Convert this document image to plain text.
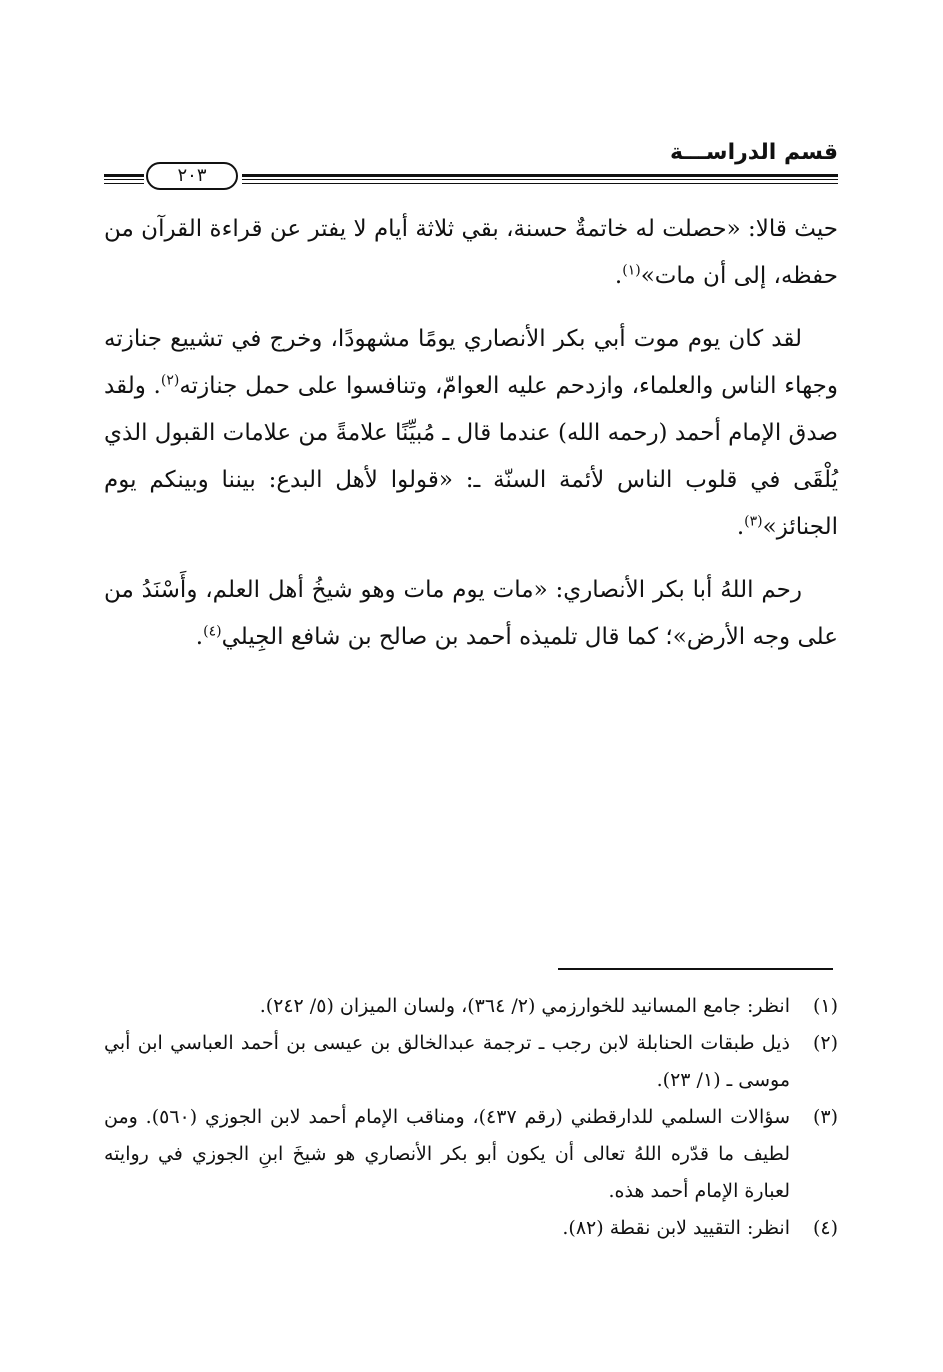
قسم الدراســـة
٢٠٣

حيث قالا: «حصلت له خاتمةٌ حسنة، بقي ثلاثة أيام لا يفتر عن قراءة القرآن من حفظه، إلى أن مات»$^{(١)}$.

لقد كان يوم موت أبي بكر الأنصاري يومًا مشهودًا، وخرج في تشييع جنازته وجهاء الناس والعلماء، وازدحم عليه العوامّ، وتنافسوا على حمل جنازته$^{(٢)}$. ولقد صدق الإمام أحمد (رحمه الله) عندما قال ـ مُبيِّنًا علامةً من علامات القبول الذي يُلْقَى في قلوب الناس لأئمة السنّة ـ: «قولوا لأهل البدع: بيننا وبينكم يوم الجنائز»$^{(٣)}$.

رحم اللهُ أبا بكر الأنصاري: «مات يوم مات وهو شيخُ أهل العلم، وأَسْنَدُ من على وجه الأرض»؛ كما قال تلميذه أحمد بن صالح بن شافع الجِيلي$^{(٤)}$.

(١)
انظر: جامع المسانيد للخوارزمي (٢/ ٣٦٤)، ولسان الميزان (٥/ ٢٤٢).
(٢)
ذيل طبقات الحنابلة لابن رجب ـ ترجمة عبدالخالق بن عيسى بن أحمد العباسي ابن أبي موسى ـ (١/ ٢٣).
(٣)
سؤالات السلمي للدارقطني (رقم ٤٣٧)، ومناقب الإمام أحمد لابن الجوزي (٥٦٠). ومن لطيف ما قدّره اللهُ تعالى أن يكون أبو بكر الأنصاري هو شيخَ ابنِ الجوزي في روايته لعبارة الإمام أحمد هذه.
(٤)
انظر: التقييد لابن نقطة (٨٢).
